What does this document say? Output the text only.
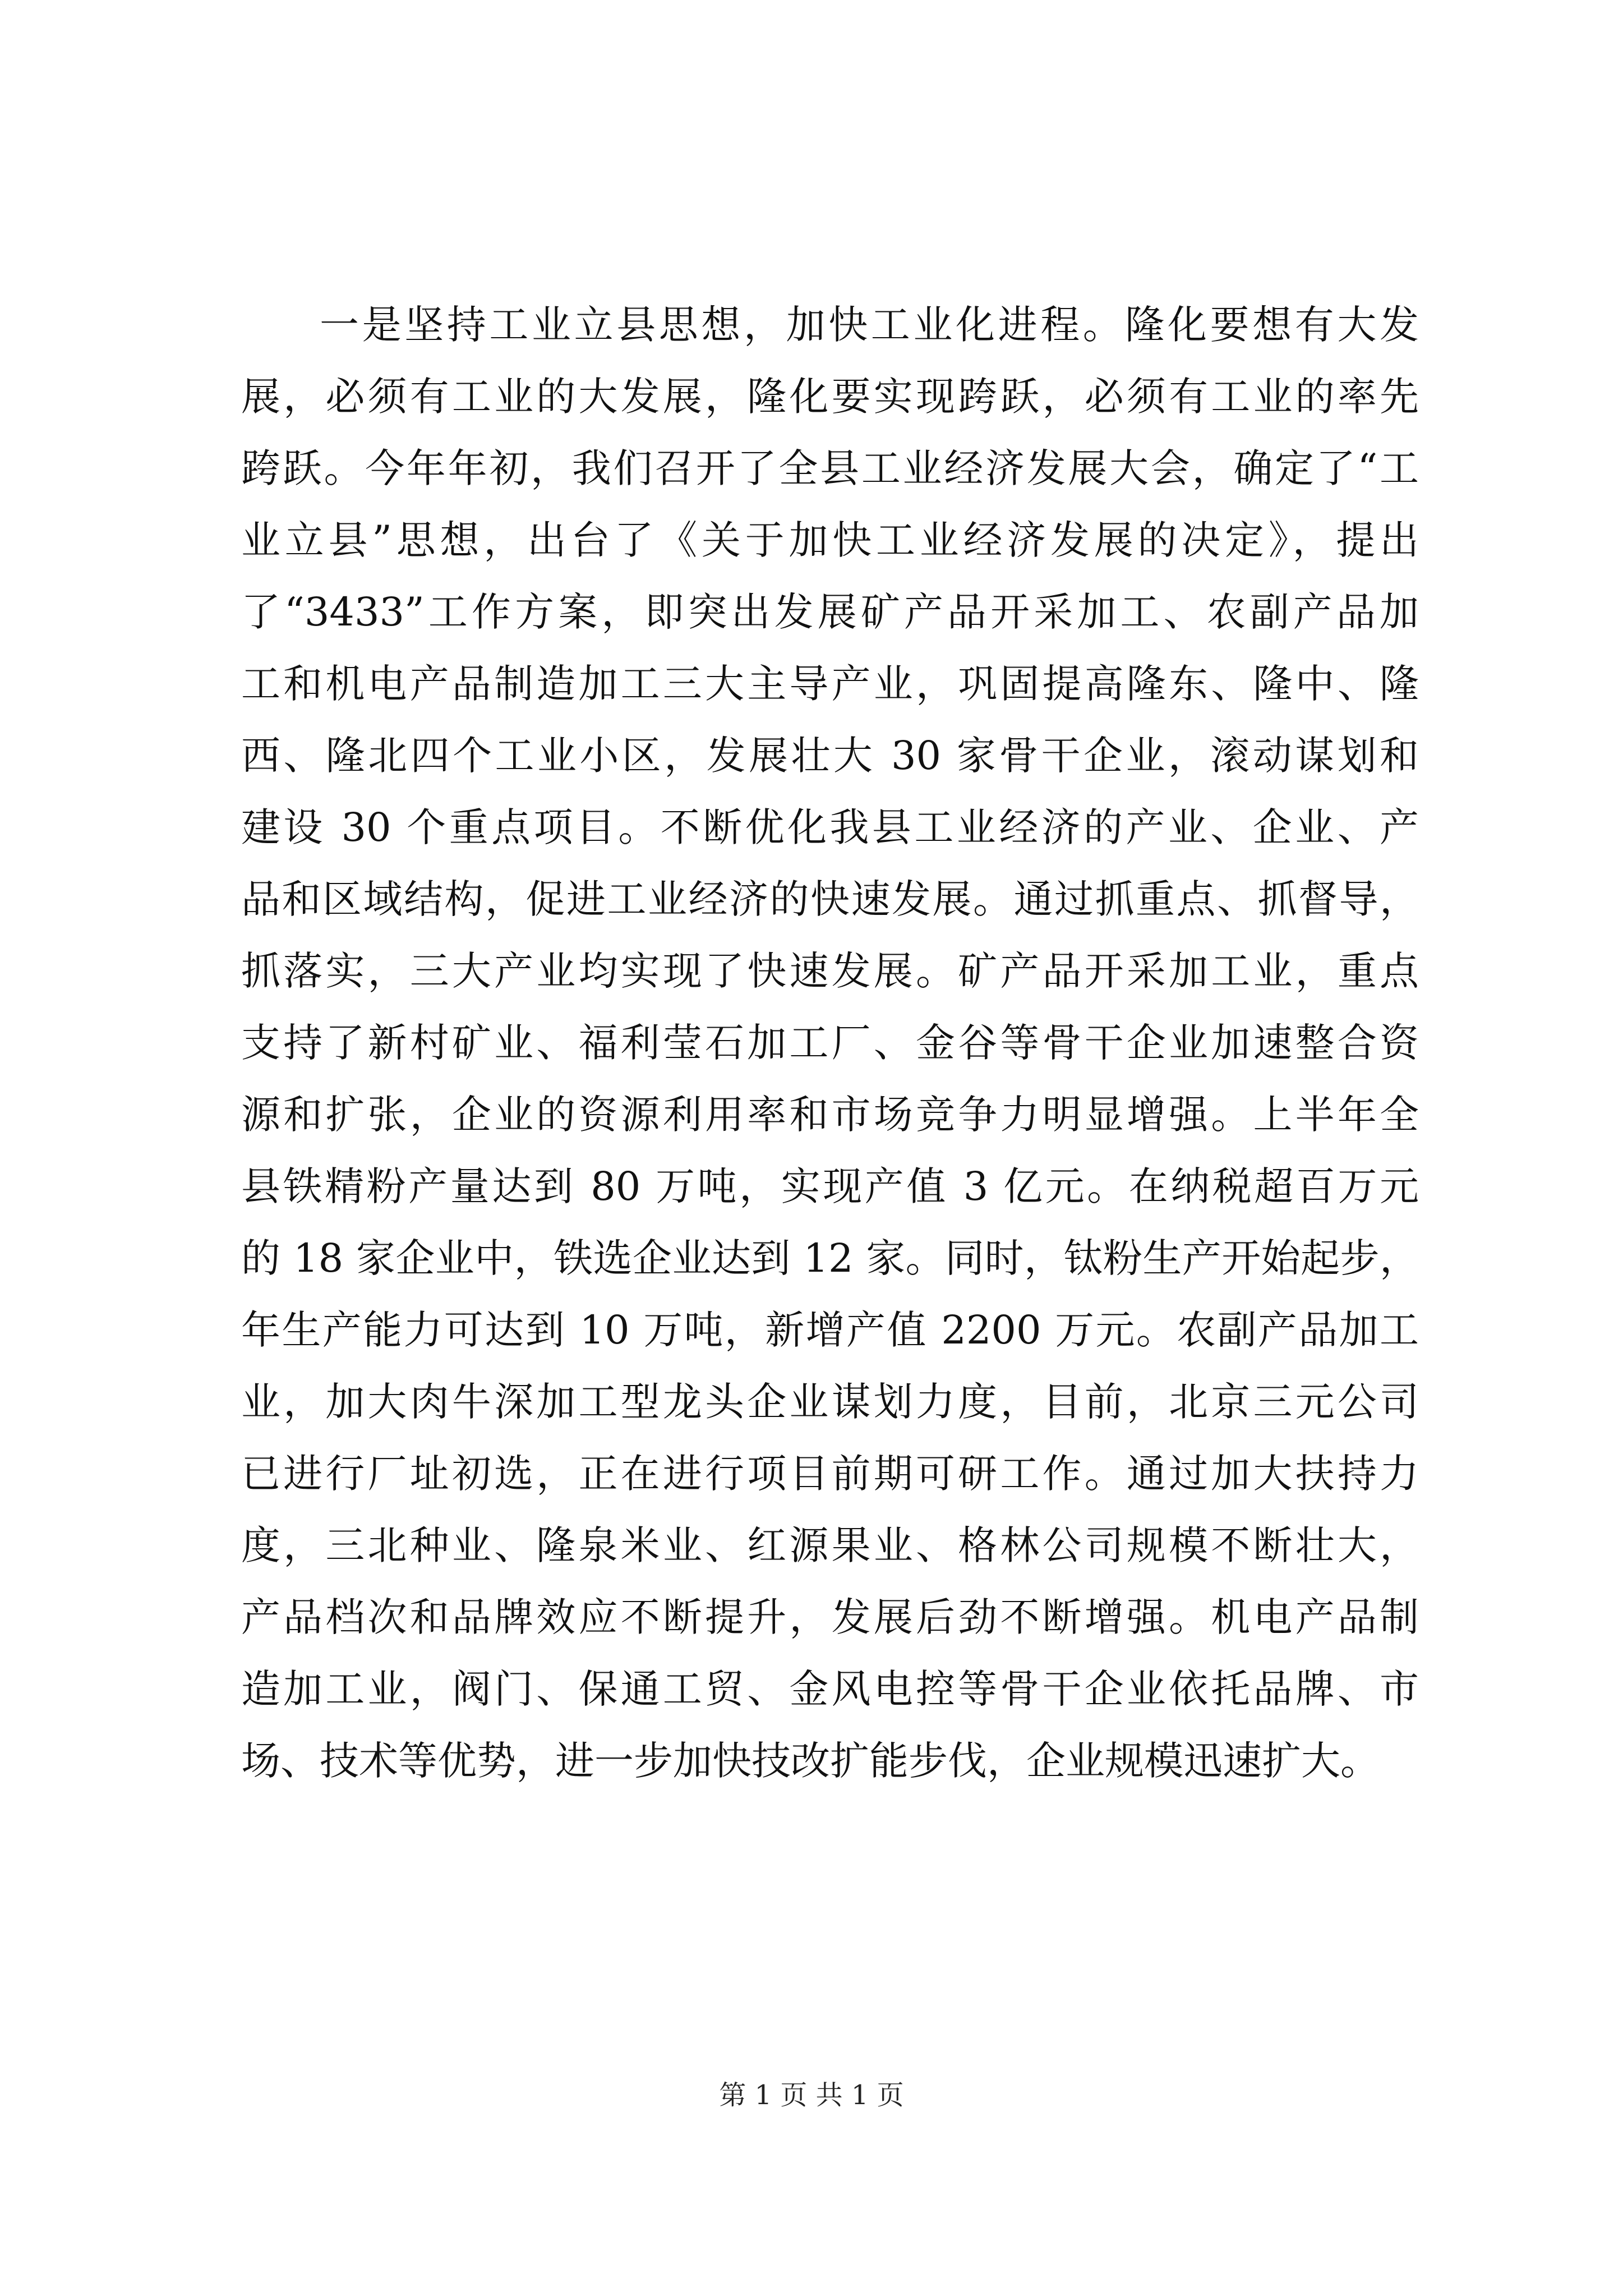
一是坚持工业立县思想，加快工业化进程。隆化要想有大发
展，必须有工业的大发展，隆化要实现跨跃，必须有工业的率先
跨跃。今年年初，我们召开了全县工业经济发展大会，确定了“工
业立县”思想，出台了《关于加快工业经济发展的决定》，提出
了“3433”工作方案，即突出发展矿产品开采加工、农副产品加
工和机电产品制造加工三大主导产业，巩固提高隆东、隆中、隆
西、隆北四个工业小区，发展壮大 30 家骨干企业，滚动谋划和
建设 30 个重点项目。不断优化我县工业经济的产业、企业、产
品和区域结构，促进工业经济的快速发展。通过抓重点、抓督导，
抓落实，三大产业均实现了快速发展。矿产品开采加工业，重点
支持了新村矿业、福利莹石加工厂、金谷等骨干企业加速整合资
源和扩张，企业的资源利用率和市场竞争力明显增强。上半年全
县铁精粉产量达到 80 万吨，实现产值 3 亿元。在纳税超百万元
的 18 家企业中，铁选企业达到 12 家。同时，钛粉生产开始起步，
年生产能力可达到 10 万吨，新增产值 2200 万元。农副产品加工
业，加大肉牛深加工型龙头企业谋划力度，目前，北京三元公司
已进行厂址初选，正在进行项目前期可研工作。通过加大扶持力
度，三北种业、隆泉米业、红源果业、格林公司规模不断壮大，
产品档次和品牌效应不断提升，发展后劲不断增强。机电产品制
造加工业，阀门、保通工贸、金风电控等骨干企业依托品牌、市
场、技术等优势，进一步加快技改扩能步伐，企业规模迅速扩大。
第 1 页 共 1 页
